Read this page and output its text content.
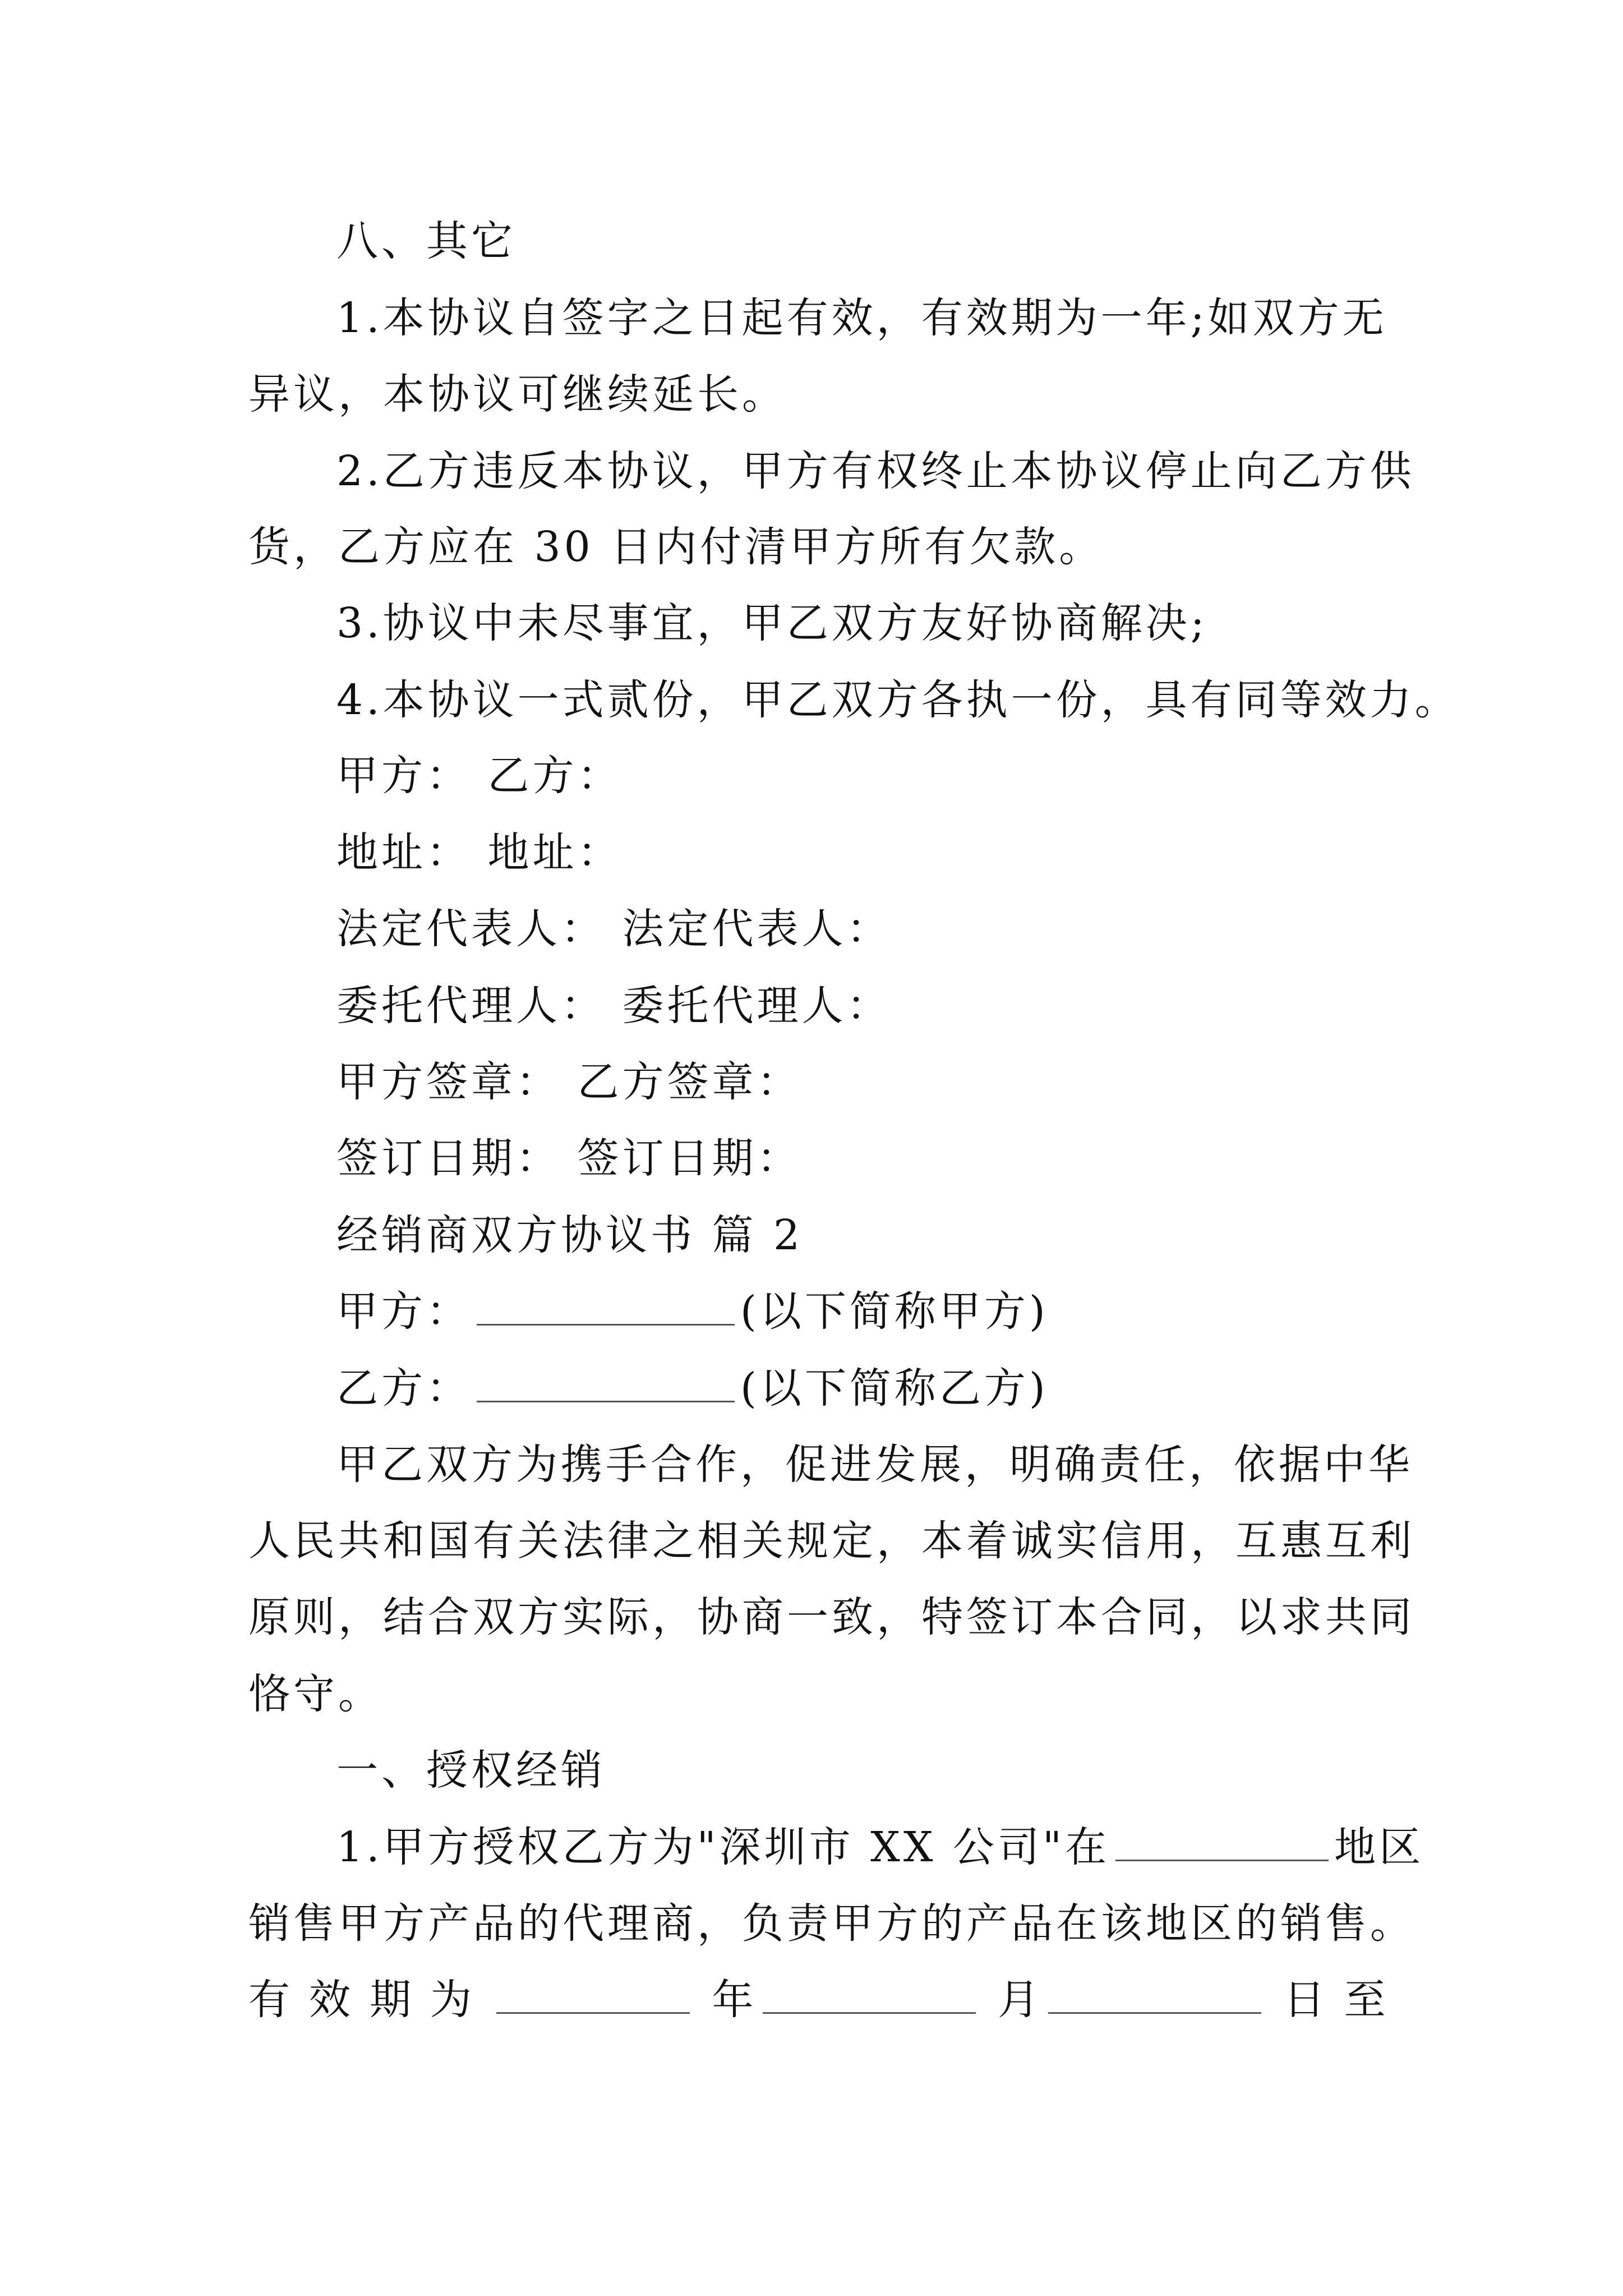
八、其它
1.本协议自签字之日起有效，有效期为一年;如双方无
异议，本协议可继续延长。
2.乙方违反本协议，甲方有权终止本协议停止向乙方供
货，乙方应在 30 日内付清甲方所有欠款。
3.协议中未尽事宜，甲乙双方友好协商解决;
4.本协议一式贰份，甲乙双方各执一份，具有同等效力。
甲方： 乙方：
地址： 地址：
法定代表人： 法定代表人：
委托代理人： 委托代理人：
甲方签章： 乙方签章：
签订日期： 签订日期：
经销商双方协议书 篇 2
甲方：	(以下简称甲方)
乙方：	(以下简称乙方)
甲乙双方为携手合作，促进发展，明确责任，依据中华
人民共和国有关法律之相关规定，本着诚实信用，互惠互利
原则，结合双方实际，协商一致，特签订本合同，以求共同
恪守。
一、授权经销
1.甲方授权乙方为"深圳市 XX 公司"在	地区
销售甲方产品的代理商，负责甲方的产品在该地区的销售。
有效期为	年	月	日至
